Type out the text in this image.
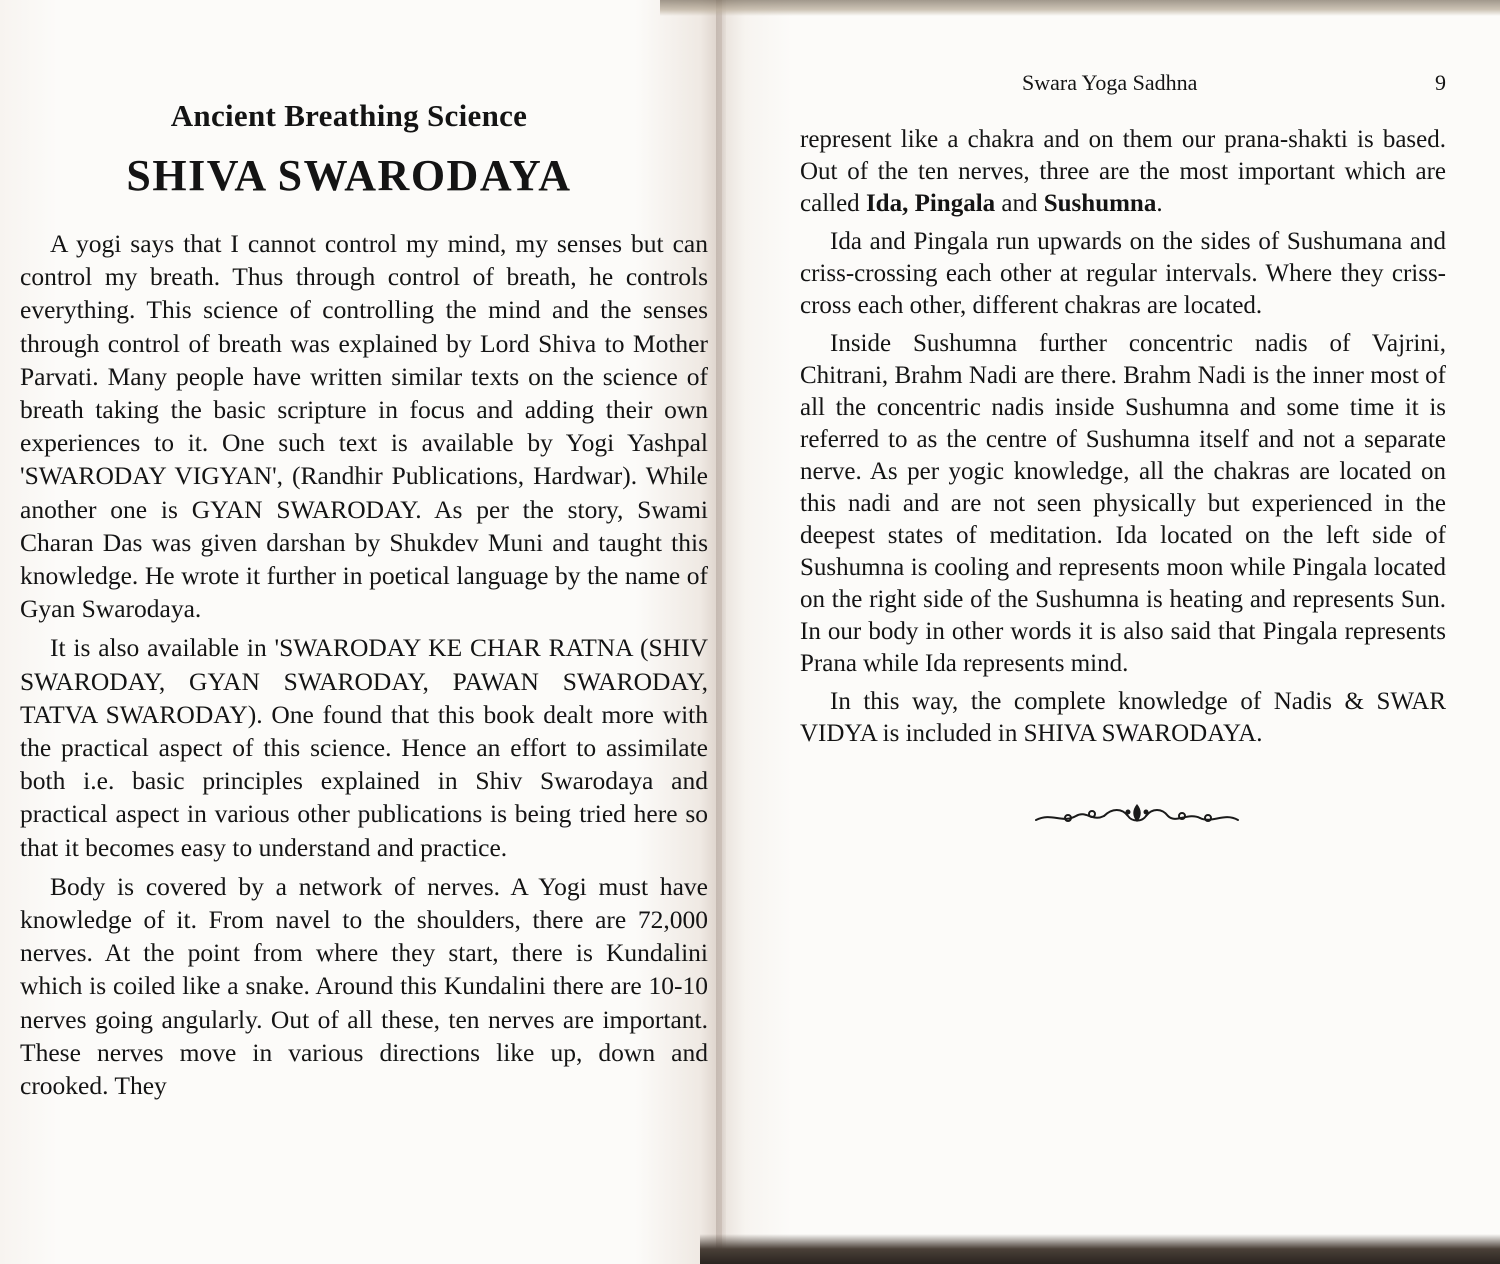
Ancient Breathing Science
SHIVA SWARODAYA

A yogi says that I cannot control my mind, my senses but can control my breath. Thus through control of breath, he controls everything. This science of controlling the mind and the senses through control of breath was explained by Lord Shiva to Mother Parvati. Many people have written similar texts on the science of breath taking the basic scripture in focus and adding their own experiences to it. One such text is available by Yogi Yashpal 'SWARODAY VIGYAN', (Randhir Publications, Hardwar). While another one is GYAN SWARODAY. As per the story, Swami Charan Das was given darshan by Shukdev Muni and taught this knowledge. He wrote it further in poetical language by the name of Gyan Swarodaya.

It is also available in 'SWARODAY KE CHAR RATNA (SHIV SWARODAY, GYAN SWARODAY, PAWAN SWARODAY, TATVA SWARODAY). One found that this book dealt more with the practical aspect of this science. Hence an effort to assimilate both i.e. basic principles explained in Shiv Swarodaya and practical aspect in various other publications is being tried here so that it becomes easy to understand and practice.

Body is covered by a network of nerves. A Yogi must have knowledge of it. From navel to the shoulders, there are 72,000 nerves. At the point from where they start, there is Kundalini which is coiled like a snake. Around this Kundalini there are 10-10 nerves going angularly. Out of all these, ten nerves are important. These nerves move in various directions like up, down and crooked. They

Swara Yoga Sadhna	9

represent like a chakra and on them our prana-shakti is based. Out of the ten nerves, three are the most important which are called Ida, Pingala and Sushumna.

Ida and Pingala run upwards on the sides of Sushumana and criss-crossing each other at regular intervals. Where they criss-cross each other, different chakras are located.

Inside Sushumna further concentric nadis of Vajrini, Chitrani, Brahm Nadi are there. Brahm Nadi is the inner most of all the concentric nadis inside Sushumna and some time it is referred to as the centre of Sushumna itself and not a separate nerve. As per yogic knowledge, all the chakras are located on this nadi and are not seen physically but experienced in the deepest states of meditation. Ida located on the left side of Sushumna is cooling and represents moon while Pingala located on the right side of the Sushumna is heating and represents Sun. In our body in other words it is also said that Pingala represents Prana while Ida represents mind.

In this way, the complete knowledge of Nadis & SWAR VIDYA is included in SHIVA SWARODAYA.
